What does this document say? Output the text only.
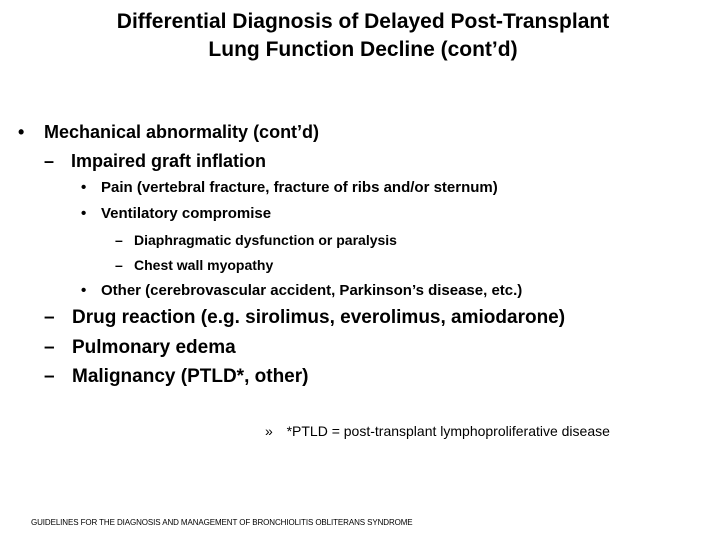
Differential Diagnosis of Delayed Post-Transplant
Lung Function Decline (cont’d)
• Mechanical abnormality (cont’d)
– Impaired graft inflation
• Pain (vertebral fracture, fracture of ribs and/or sternum)
• Ventilatory compromise
– Diaphragmatic dysfunction or paralysis
– Chest wall myopathy
• Other (cerebrovascular accident, Parkinson’s disease, etc.)
– Drug reaction (e.g. sirolimus, everolimus, amiodarone)
– Pulmonary edema
– Malignancy (PTLD*, other)
» *PTLD = post-transplant lymphoproliferative disease
GUIDELINES FOR THE DIAGNOSIS AND MANAGEMENT OF BRONCHIOLITIS OBLITERANS SYNDROME
